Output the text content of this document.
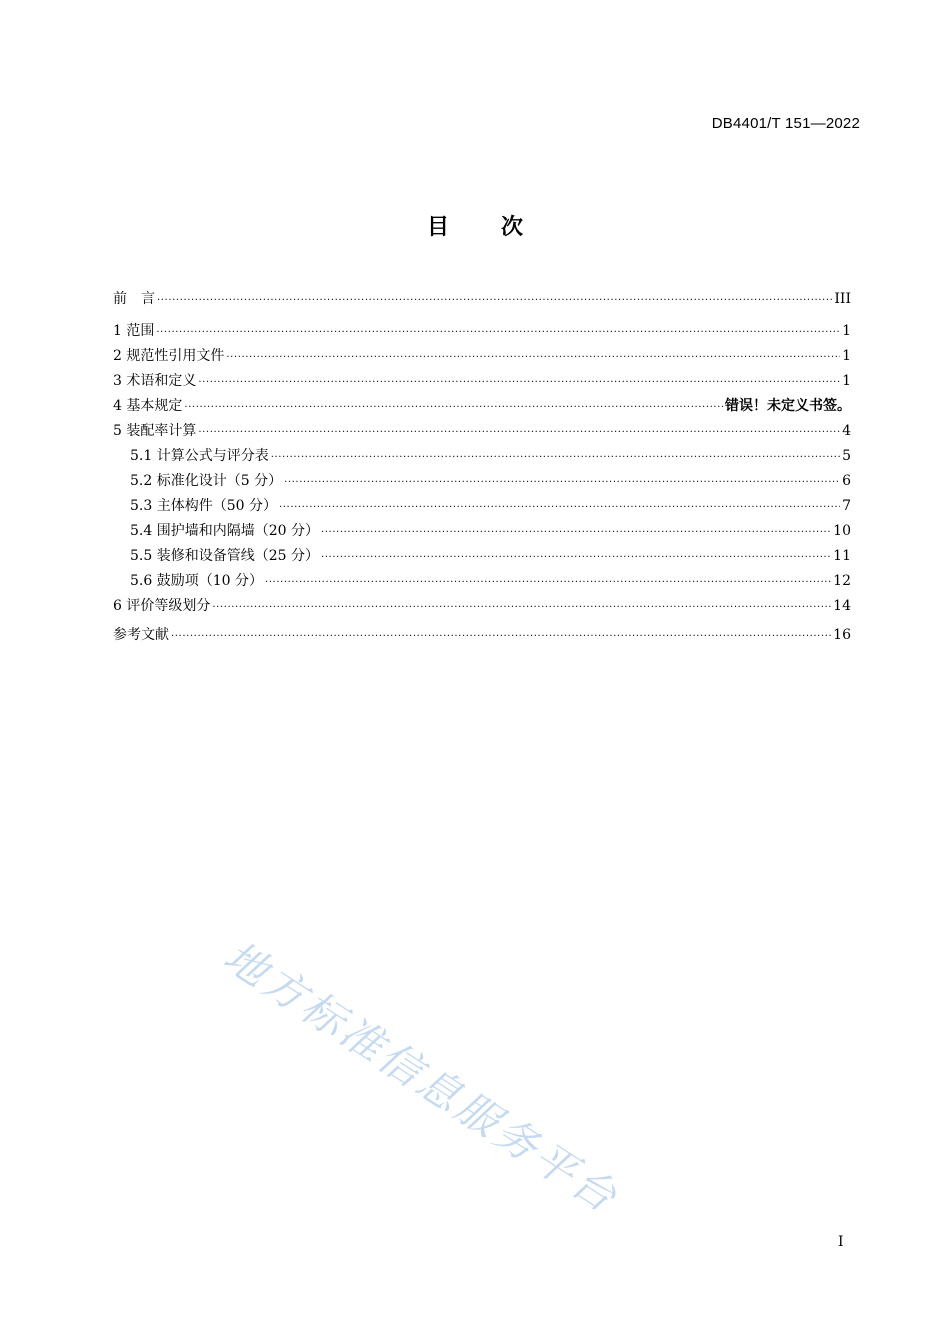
DB4401/T 151—2022
目次
前　言 .....	III
1 范围 .....	1
2 规范性引用文件 .....	1
3 术语和定义 .....	1
4 基本规定 .....	错误！未定义书签。
5 装配率计算 .....	4
5.1 计算公式与评分表 .....	5
5.2 标准化设计（5 分） .....	6
5.3 主体构件（50 分） .....	7
5.4 围护墙和内隔墙（20 分） .....	10
5.5 装修和设备管线（25 分） .....	11
5.6 鼓励项（10 分） .....	12
6 评价等级划分 .....	14
参考文献 .....	16
地方标准信息服务平台
I
